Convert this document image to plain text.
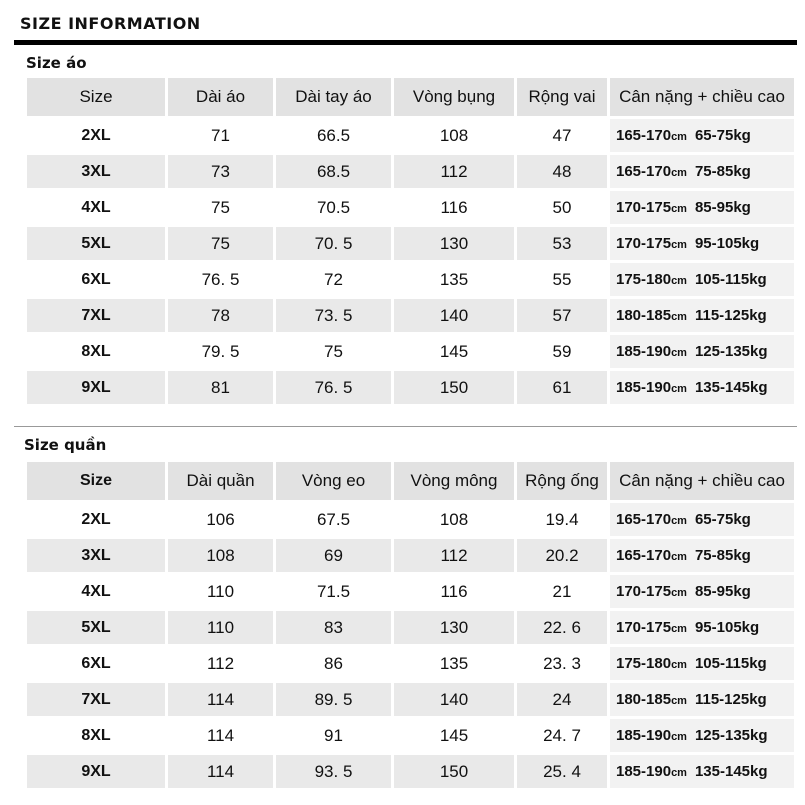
SIZE INFORMATION
Size áo
Size	Dài áo	Dài tay áo	Vòng bụng	Rộng vai	Cân nặng + chiều cao
2XL	71	66.5	108	47	165-170cm 65-75kg
3XL	73	68.5	112	48	165-170cm 75-85kg
4XL	75	70.5	116	50	170-175cm 85-95kg
5XL	75	70. 5	130	53	170-175cm 95-105kg
6XL	76. 5	72	135	55	175-180cm 105-115kg
7XL	78	73. 5	140	57	180-185cm 115-125kg
8XL	79. 5	75	145	59	185-190cm 125-135kg
9XL	81	76. 5	150	61	185-190cm 135-145kg
Size quần
Size	Dài quần	Vòng eo	Vòng mông	Rộng ống	Cân nặng + chiều cao
2XL	106	67.5	108	19.4	165-170cm 65-75kg
3XL	108	69	112	20.2	165-170cm 75-85kg
4XL	110	71.5	116	21	170-175cm 85-95kg
5XL	110	83	130	22. 6	170-175cm 95-105kg
6XL	112	86	135	23. 3	175-180cm 105-115kg
7XL	114	89. 5	140	24	180-185cm 115-125kg
8XL	114	91	145	24. 7	185-190cm 125-135kg
9XL	114	93. 5	150	25. 4	185-190cm 135-145kg
